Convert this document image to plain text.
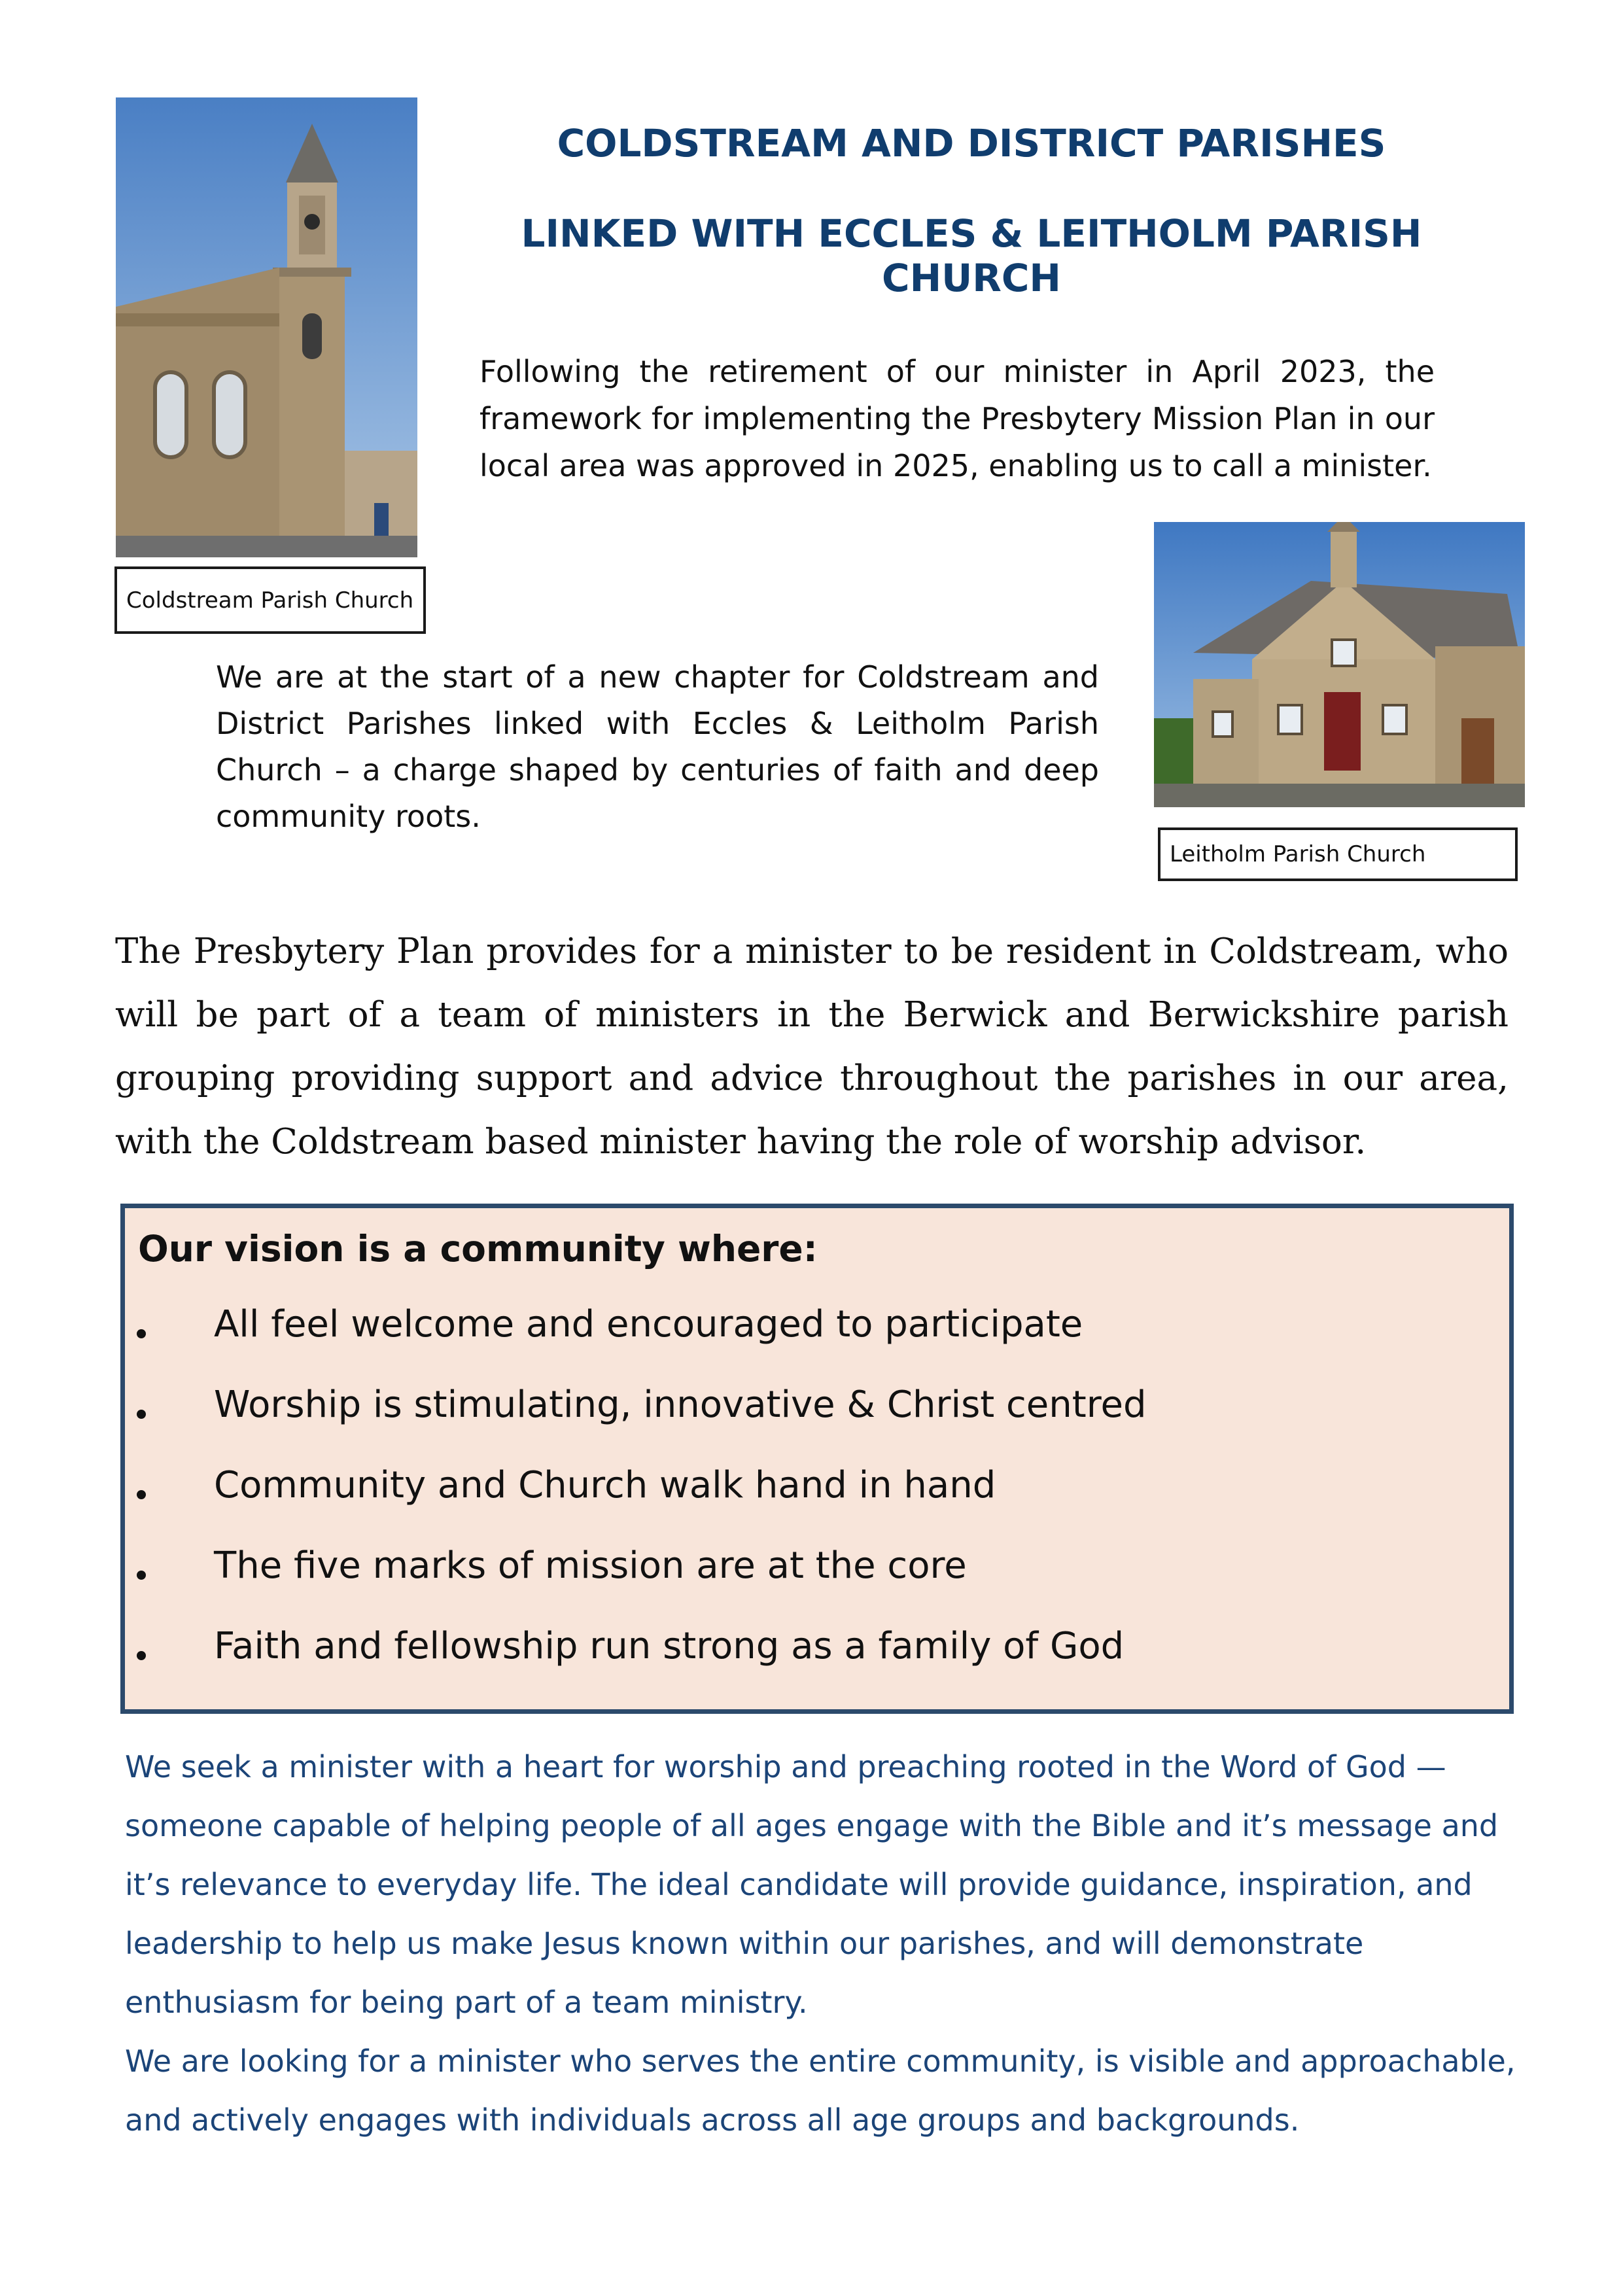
Coldstream Parish Church
COLDSTREAM AND DISTRICT PARISHES
LINKED WITH ECCLES & LEITHOLM PARISH CHURCH
Following the retirement of our minister in April 2023, the framework for implementing the Presbytery Mission Plan in our local area was approved in 2025, enabling us to call a minister.
We are at the start of a new chapter for Coldstream and District Parishes linked with Eccles & Leitholm Parish Church – a charge shaped by centuries of faith and deep community roots.
Leitholm Parish Church
The Presbytery Plan provides for a minister to be resident in Coldstream, who will be part of a team of ministers in the Berwick and Berwickshire parish grouping providing support and advice throughout the parishes in our area, with the Coldstream based minister having the role of worship advisor.
Our vision is a community where:
All feel welcome and encouraged to participate
Worship is stimulating, innovative & Christ centred
Community and Church walk hand in hand
The five marks of mission are at the core
Faith and fellowship run strong as a family of God

We seek a minister with a heart for worship and preaching rooted in the Word of God — someone capable of helping people of all ages engage with the Bible and it’s message and it’s relevance to everyday life. The ideal candidate will provide guidance, inspiration, and leadership to help us make Jesus known within our parishes, and will demonstrate enthusiasm for being part of a team ministry.

We are looking for a minister who serves the entire community, is visible and approachable, and actively engages with individuals across all age groups and backgrounds.
